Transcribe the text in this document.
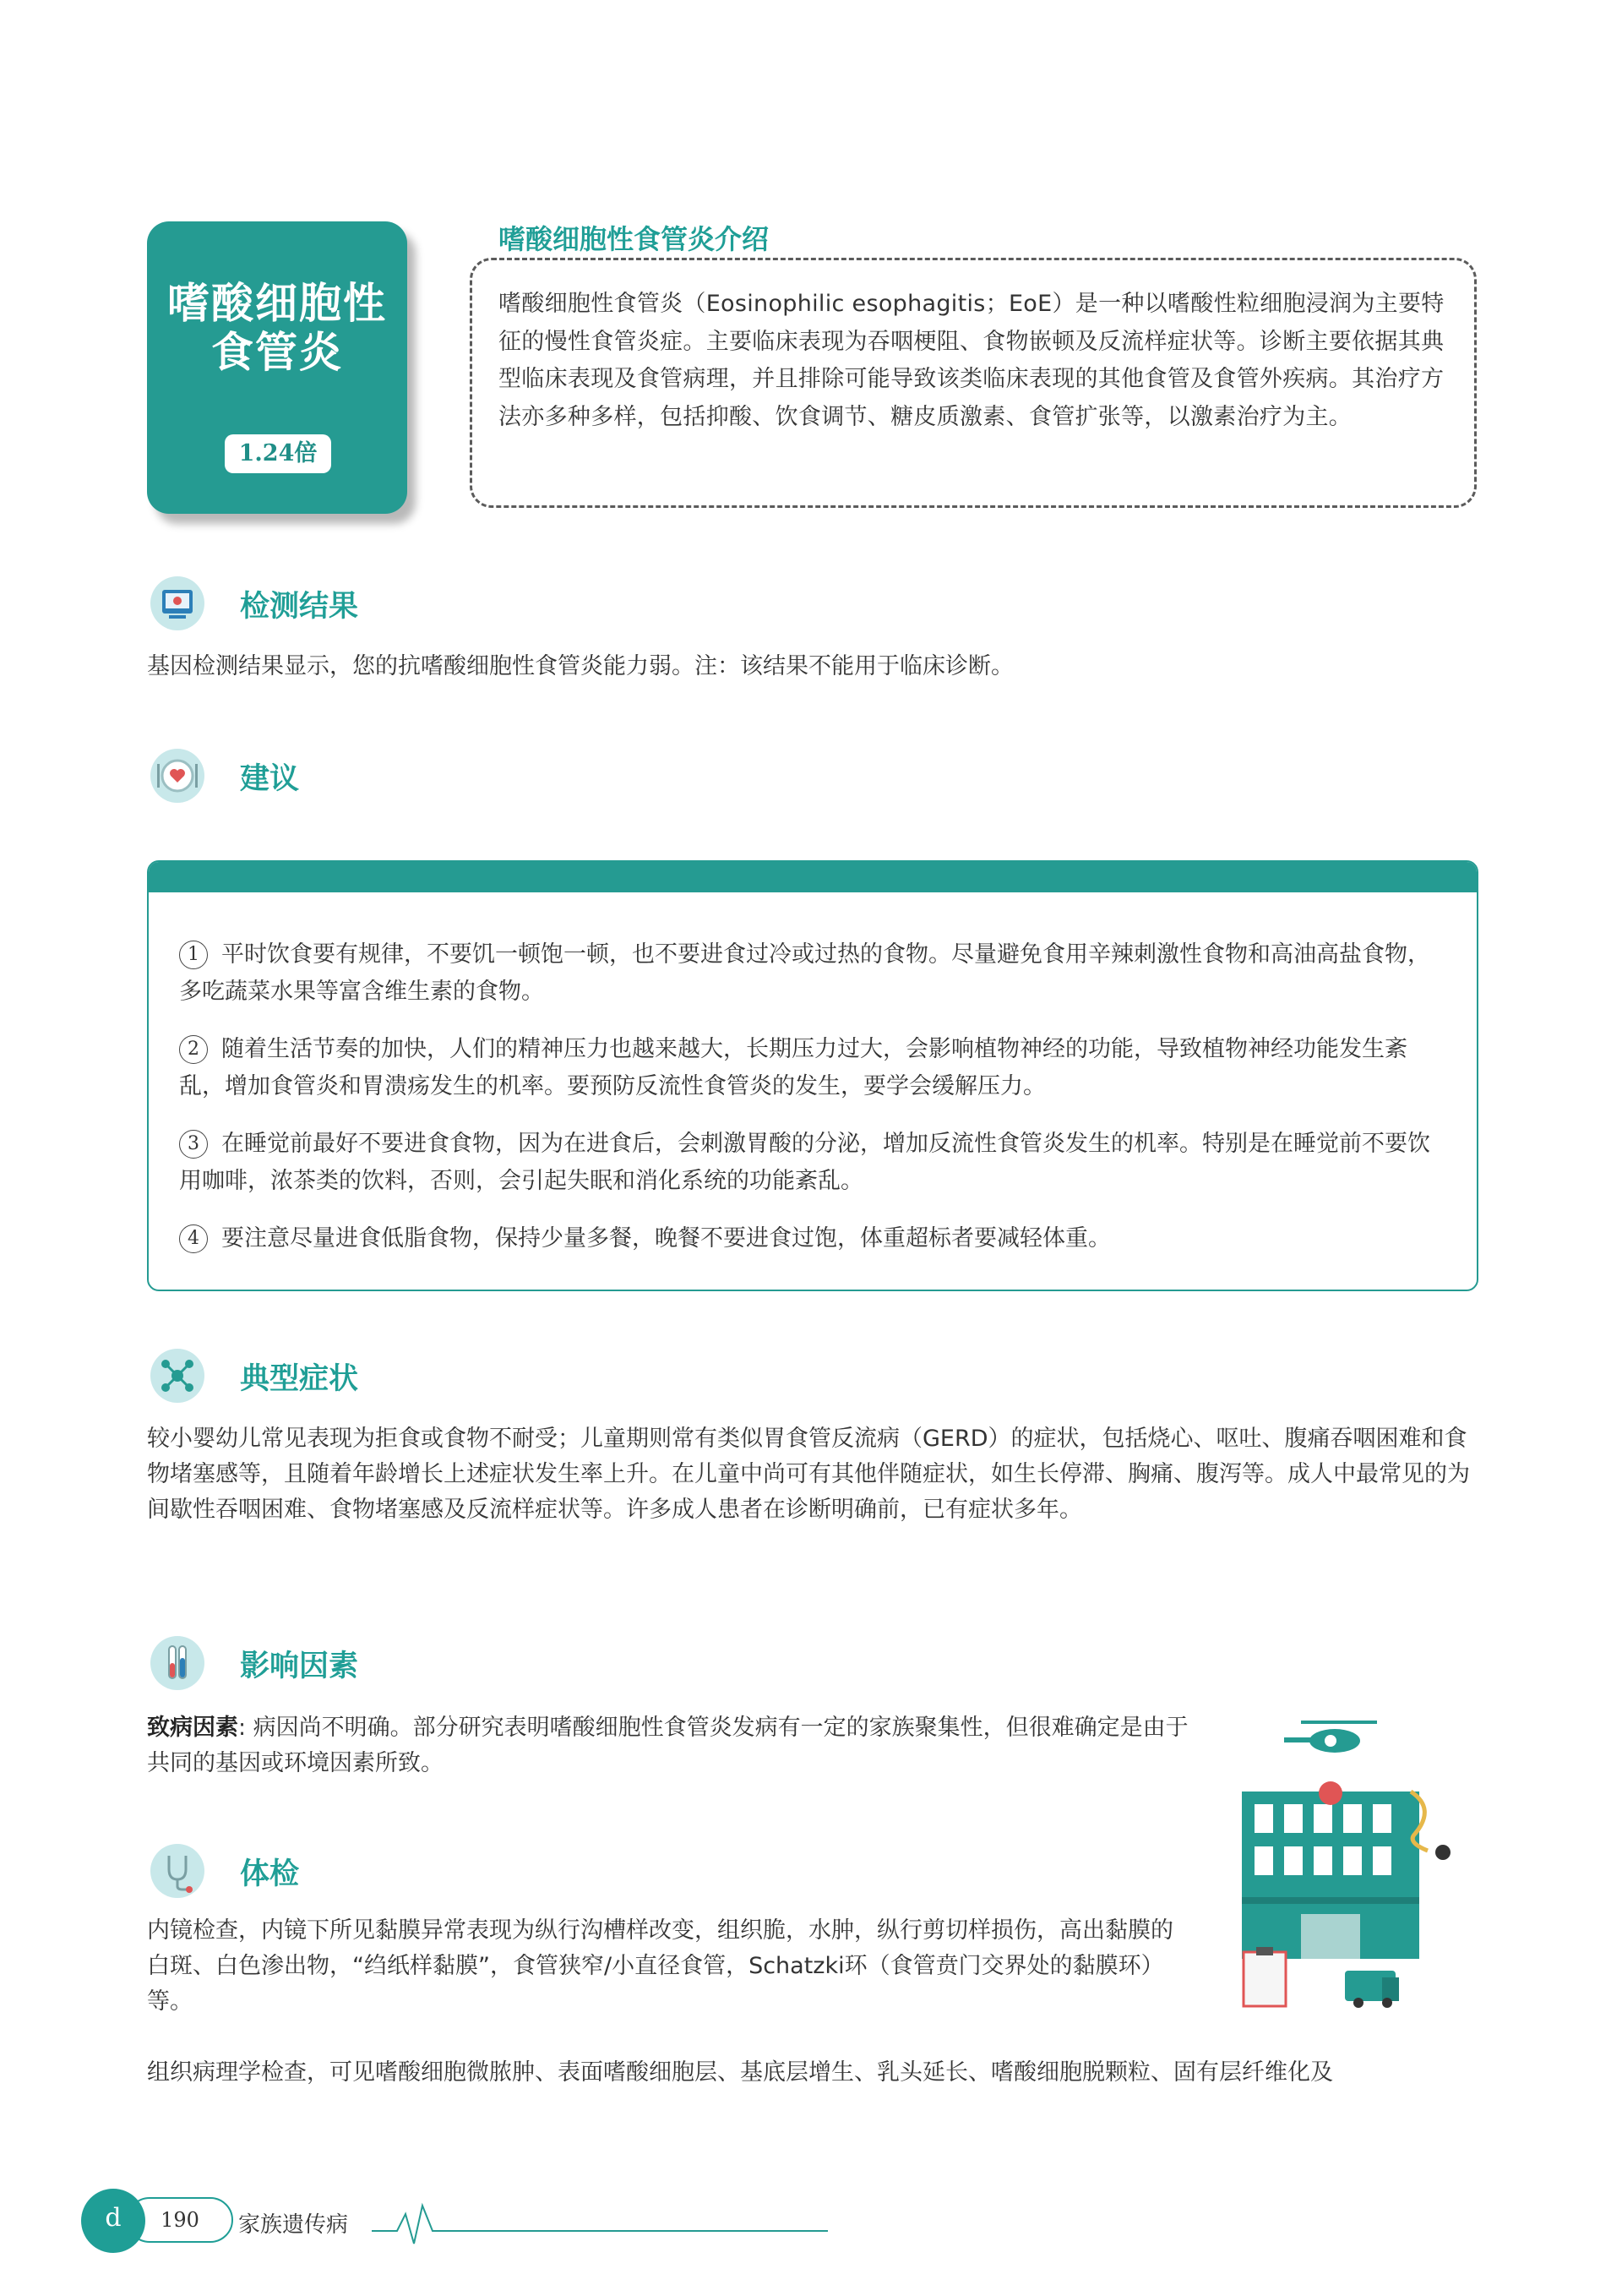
嗜酸细胞性
食管炎
1.24倍
嗜酸细胞性食管炎介绍
嗜酸细胞性食管炎（Eosinophilic esophagitis；EoE）是一种以嗜酸性粒细胞浸润为主要特征的慢性食管炎症。主要临床表现为吞咽梗阻、食物嵌顿及反流样症状等。诊断主要依据其典型临床表现及食管病理，并且排除可能导致该类临床表现的其他食管及食管外疾病。其治疗方法亦多种多样，包括抑酸、饮食调节、糖皮质激素、食管扩张等，以激素治疗为主。
检测结果
基因检测结果显示，您的抗嗜酸细胞性食管炎能力弱。注：该结果不能用于临床诊断。
建议
1 平时饮食要有规律，不要饥一顿饱一顿，也不要进食过冷或过热的食物。尽量避免食用辛辣刺激性食物和高油高盐食物，多吃蔬菜水果等富含维生素的食物。
2 随着生活节奏的加快，人们的精神压力也越来越大，长期压力过大，会影响植物神经的功能，导致植物神经功能发生紊乱，增加食管炎和胃溃疡发生的机率。要预防反流性食管炎的发生，要学会缓解压力。
3 在睡觉前最好不要进食食物，因为在进食后，会刺激胃酸的分泌，增加反流性食管炎发生的机率。特别是在睡觉前不要饮用咖啡，浓茶类的饮料，否则，会引起失眠和消化系统的功能紊乱。
4 要注意尽量进食低脂食物，保持少量多餐，晚餐不要进食过饱，体重超标者要减轻体重。
典型症状
较小婴幼儿常见表现为拒食或食物不耐受；儿童期则常有类似胃食管反流病（GERD）的症状，包括烧心、呕吐、腹痛吞咽困难和食物堵塞感等，且随着年龄增长上述症状发生率上升。在儿童中尚可有其他伴随症状，如生长停滞、胸痛、腹泻等。成人中最常见的为间歇性吞咽困难、食物堵塞感及反流样症状等。许多成人患者在诊断明确前，已有症状多年。
影响因素
致病因素: 病因尚不明确。部分研究表明嗜酸细胞性食管炎发病有一定的家族聚集性，但很难确定是由于共同的基因或环境因素所致。
体检
内镜检查，内镜下所见黏膜异常表现为纵行沟槽样改变，组织脆，水肿，纵行剪切样损伤，高出黏膜的白斑、白色渗出物，“绉纸样黏膜”，食管狭窄/小直径食管，Schatzki环（食管贲门交界处的黏膜环）等。
组织病理学检查，可见嗜酸细胞微脓肿、表面嗜酸细胞层、基底层增生、乳头延长、嗜酸细胞脱颗粒、固有层纤维化及
190
d	家族遗传病
